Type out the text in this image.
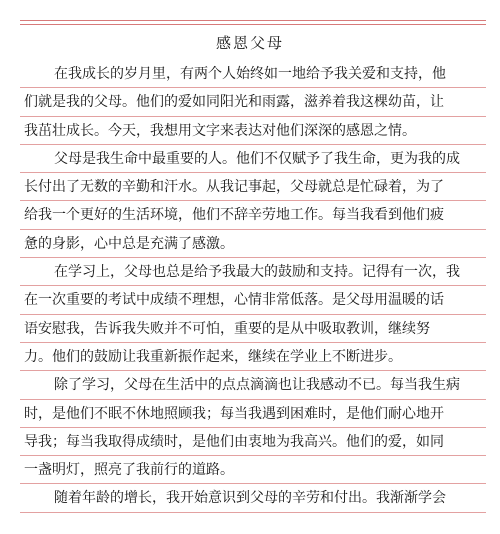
感恩父母
在我成长的岁月里，有两个人始终如一地给予我关爱和支持，他
们就是我的父母。他们的爱如同阳光和雨露，滋养着我这棵幼苗，让
我茁壮成长。今天，我想用文字来表达对他们深深的感恩之情。
父母是我生命中最重要的人。他们不仅赋予了我生命，更为我的成
长付出了无数的辛勤和汗水。从我记事起，父母就总是忙碌着，为了
给我一个更好的生活环境，他们不辞辛劳地工作。每当我看到他们疲
惫的身影，心中总是充满了感激。
在学习上，父母也总是给予我最大的鼓励和支持。记得有一次，我
在一次重要的考试中成绩不理想，心情非常低落。是父母用温暖的话
语安慰我，告诉我失败并不可怕，重要的是从中吸取教训，继续努
力。他们的鼓励让我重新振作起来，继续在学业上不断进步。
除了学习，父母在生活中的点点滴滴也让我感动不已。每当我生病
时，是他们不眠不休地照顾我；每当我遇到困难时，是他们耐心地开
导我；每当我取得成绩时，是他们由衷地为我高兴。他们的爱，如同
一盏明灯，照亮了我前行的道路。
随着年龄的增长，我开始意识到父母的辛劳和付出。我渐渐学会
